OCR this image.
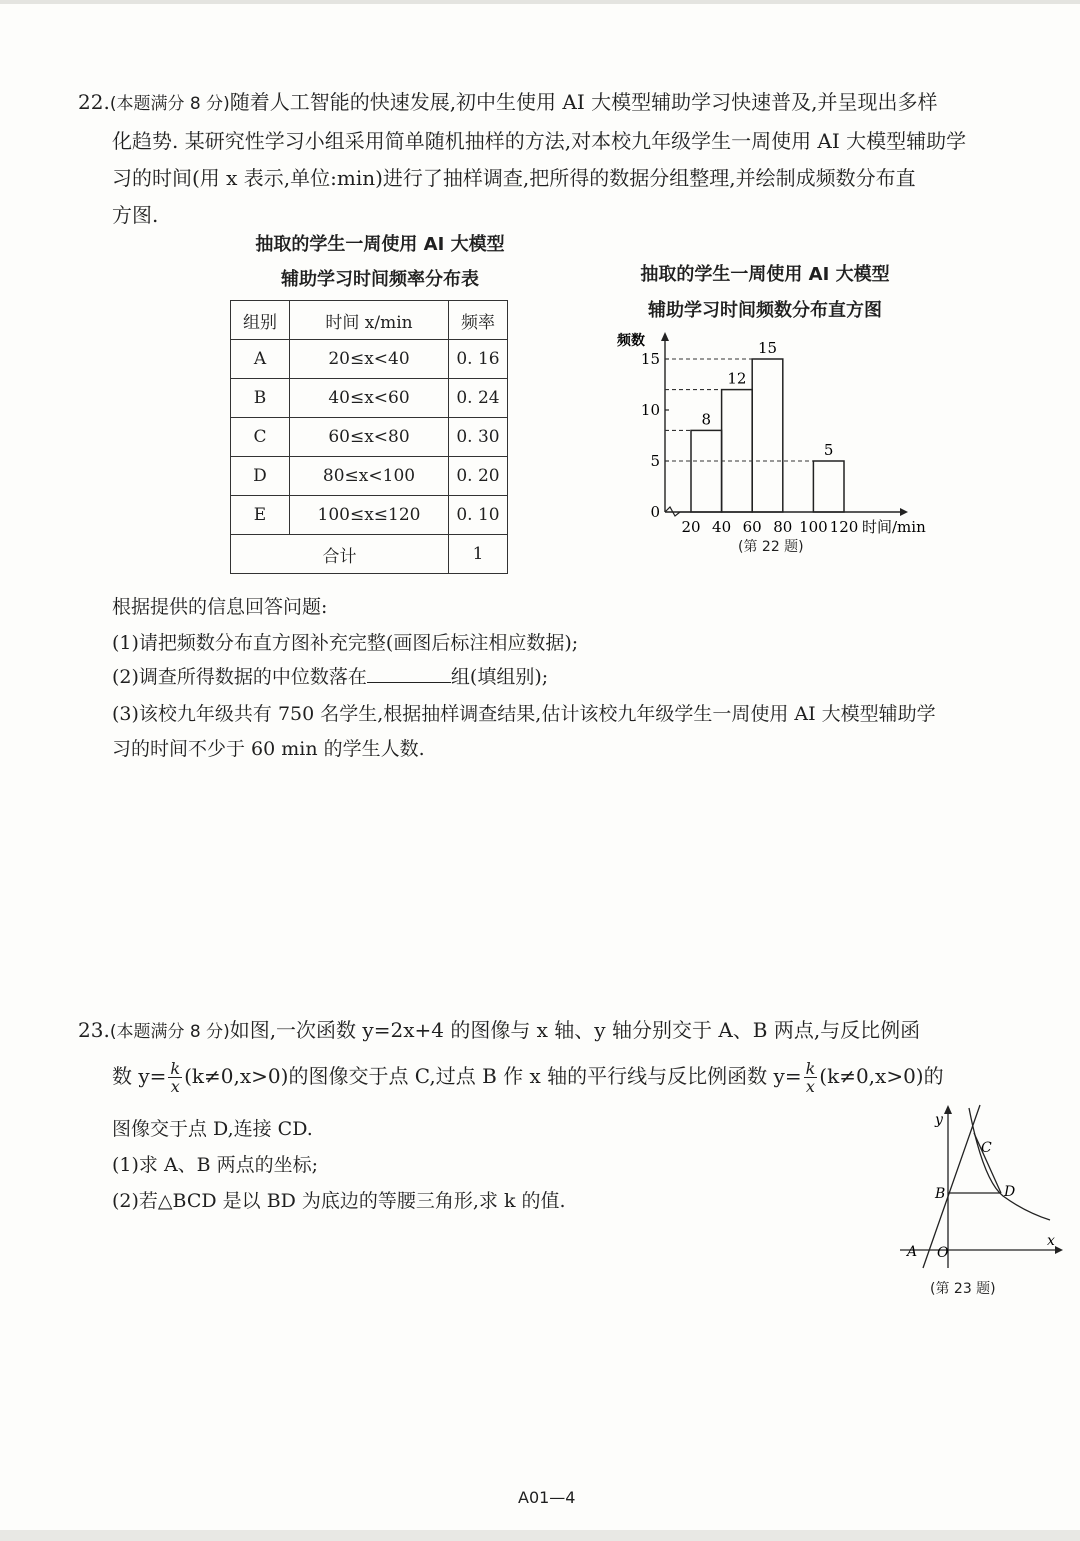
22.(本题满分 8 分)随着人工智能的快速发展,初中生使用 AI 大模型辅助学习快速普及,并呈现出多样
化趋势. 某研究性学习小组采用简单随机抽样的方法,对本校九年级学生一周使用 AI 大模型辅助学
习的时间(用 x 表示,单位:min)进行了抽样调查,把所得的数据分组整理,并绘制成频数分布直
方图.
抽取的学生一周使用 AI 大模型
辅助学习时间频率分布表
组别	时间 x/min	频率
A	20≤x<40	0. 16
B	40≤x<60	0. 24
C	60≤x<80	0. 30
D	80≤x<100	0. 20
E	100≤x≤120	0. 10
合计		1
抽取的学生一周使用 AI 大模型
辅助学习时间频数分布直方图
频数
0
5
10
15
8
12
15
5
20 40 60 80 100 120 时间/min
(第 22 题)
根据提供的信息回答问题:
(1)请把频数分布直方图补充完整(画图后标注相应数据);
(2)调查所得数据的中位数落在	组(填组别);
(3)该校九年级共有 750 名学生,根据抽样调查结果,估计该校九年级学生一周使用 AI 大模型辅助学
习的时间不少于 60 min 的学生人数.
23.(本题满分 8 分)如图,一次函数 y=2x+4 的图像与 x 轴、y 轴分别交于 A、B 两点,与反比例函
数 $y= \frac{k}{x} (k\ne 0,x>0)$的图像交于点 C,过点 B 作 x 轴的平行线与反比例函数 $y= \frac{k}{x} (k\ne 0,x>0)$的
图像交于点 D,连接 CD.
(1)求 A、B 两点的坐标;
(2)若△BCD 是以 BD 为底边的等腰三角形,求 k 的值.
y
x
A O
B
C
D
(第 23 题)
A01—4
